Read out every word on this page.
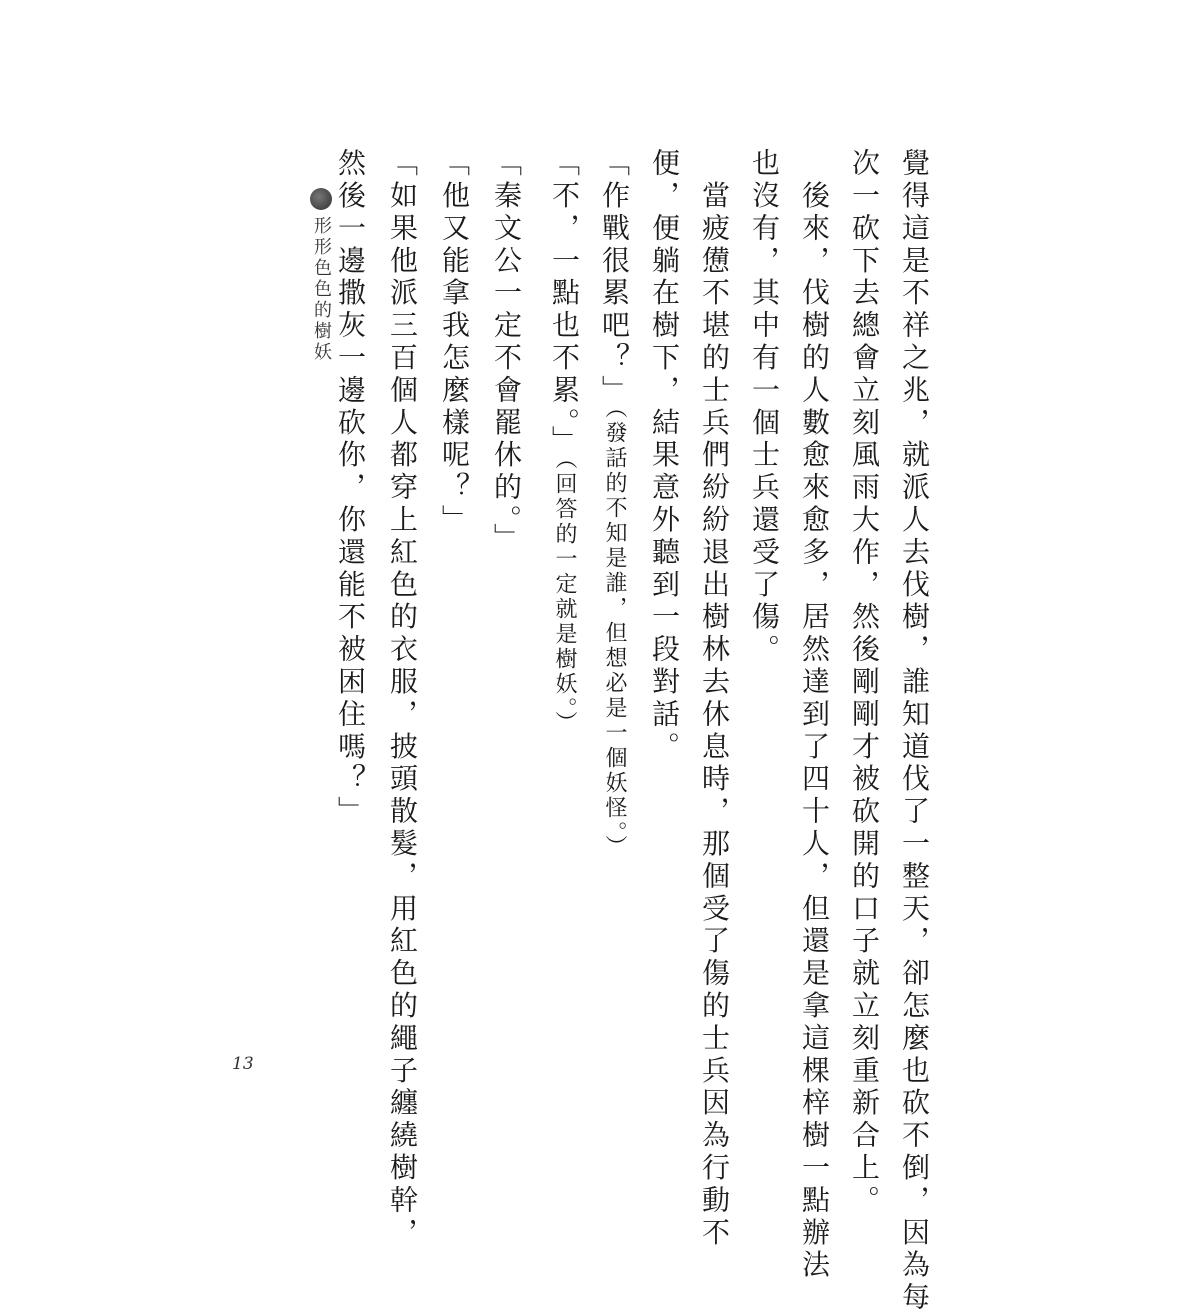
形形色色的樹妖	覺得這是不祥之兆，就派人去伐樹，誰知道伐了一整天，卻怎麼也砍不倒，因為每
次一砍下去總會立刻風雨大作，然後剛剛才被砍開的口子就立刻重新合上。
　後來，伐樹的人數愈來愈多，居然達到了四十人，但還是拿這棵梓樹一點辦法
也沒有，其中有一個士兵還受了傷。
　當疲憊不堪的士兵們紛紛退出樹林去休息時，那個受了傷的士兵因為行動不
便，便躺在樹下，結果意外聽到一段對話。
「作戰很累吧？」（發話的不知是誰，但想必是一個妖怪。）
「不，一點也不累。」（回答的一定就是樹妖。）
「秦文公一定不會罷休的。」
「他又能拿我怎麼樣呢？」
「如果他派三百個人都穿上紅色的衣服，披頭散髮，用紅色的繩子纏繞樹幹，
然後一邊撒灰一邊砍你，你還能不被困住嗎？」
13
